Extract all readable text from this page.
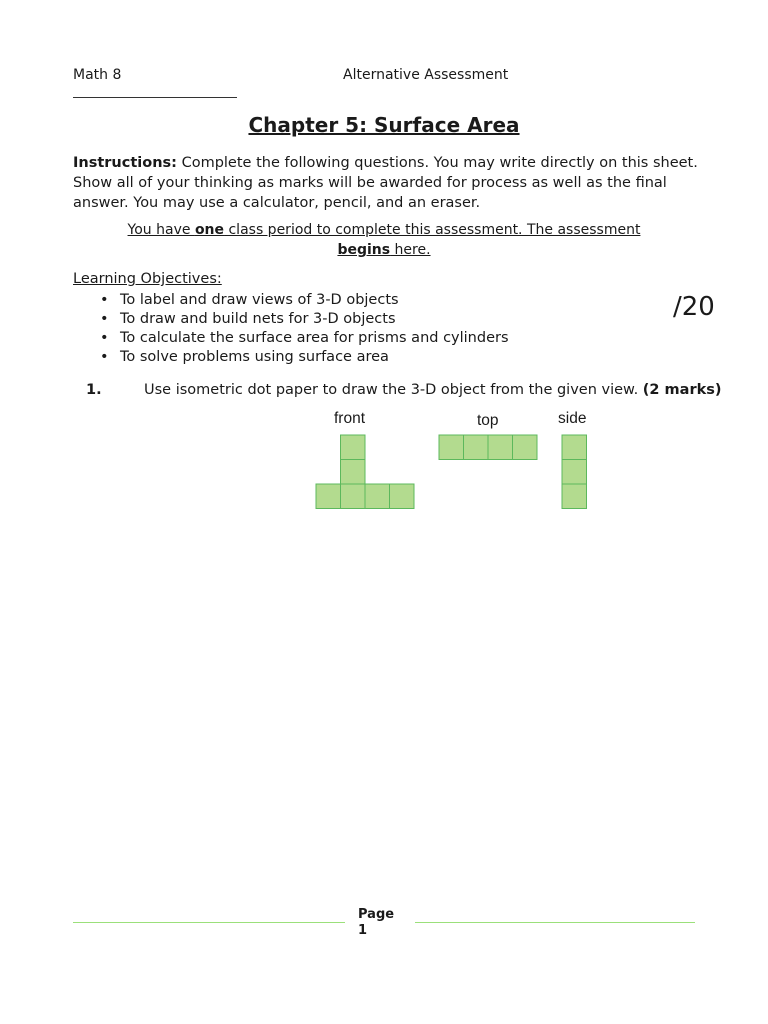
Math 8	Alternative Assessment
Chapter 5: Surface Area
Instructions: Complete the following questions. You may write directly on this sheet. Show all of your thinking as marks will be awarded for process as well as the final answer. You may use a calculator, pencil, and an eraser.
You have one class period to complete this assessment. The assessment
begins here.
Learning Objectives:
• To label and draw views of 3-D objects
• To draw and build nets for 3-D objects
• To calculate the surface area for prisms and cylinders
• To solve problems using surface area
/20
1.	Use isometric dot paper to draw the 3-D object from the given view. (2 marks)
front	top	side
Page
1
